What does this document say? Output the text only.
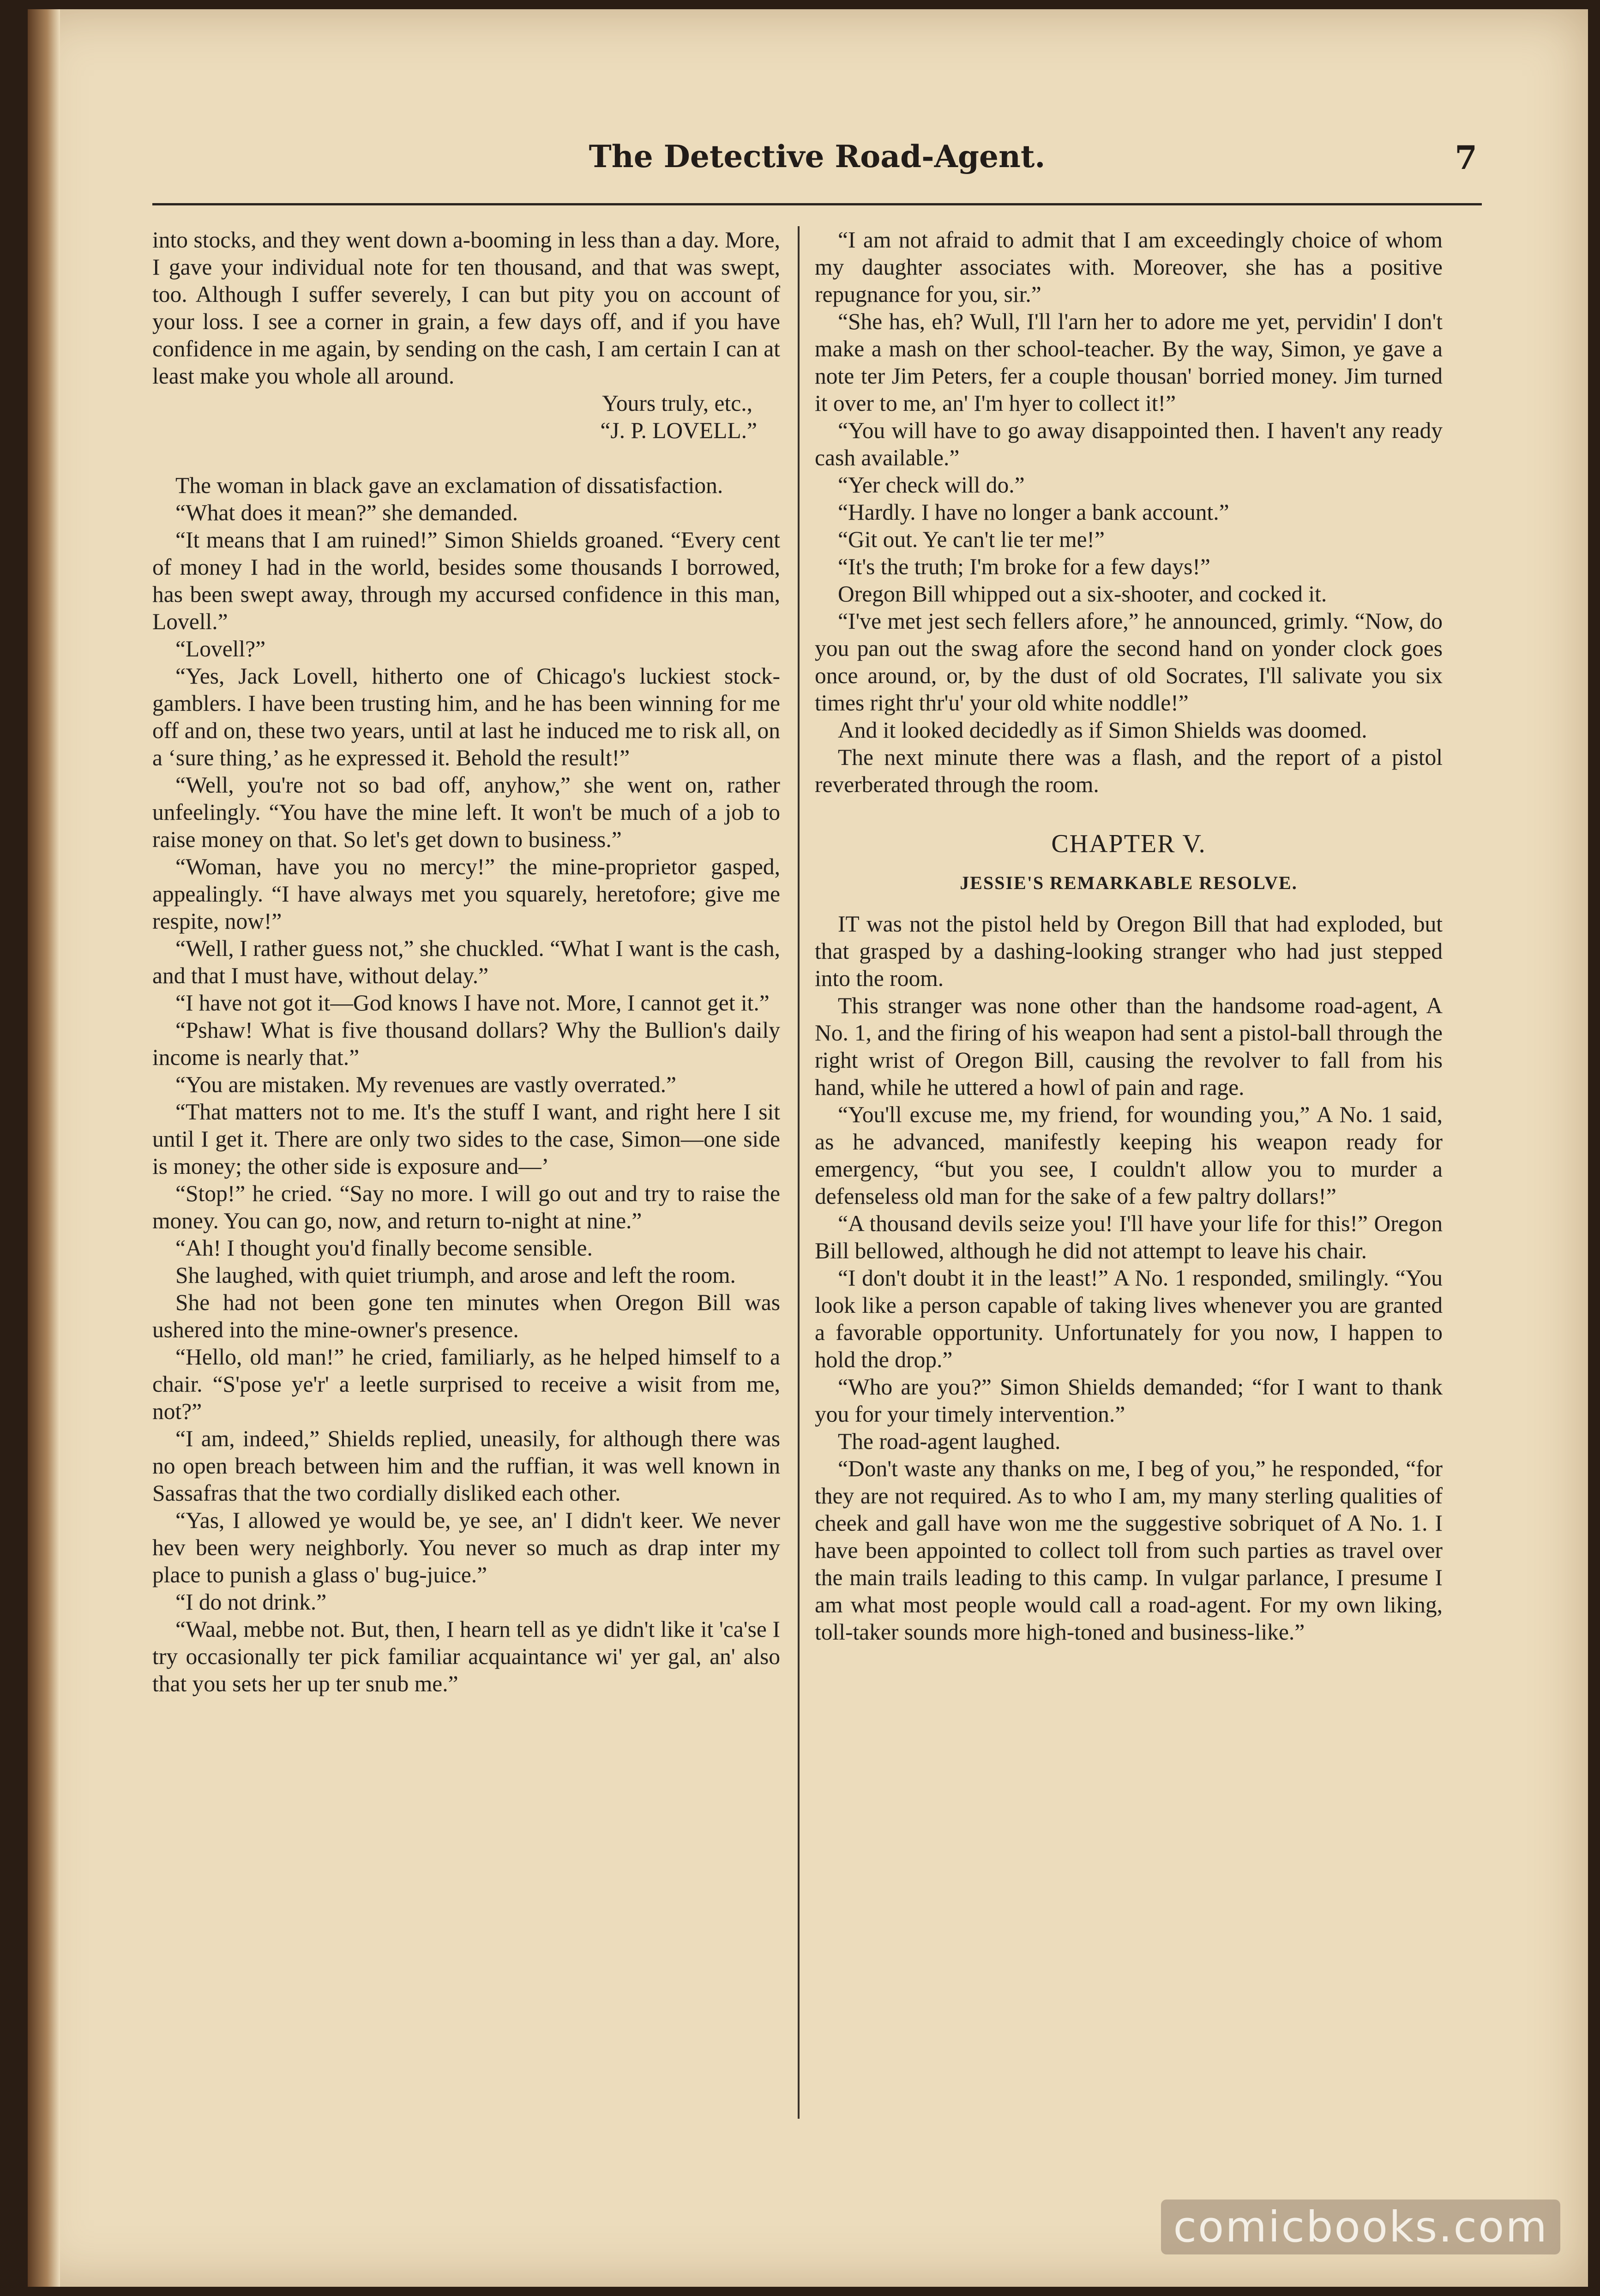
The Detective Road-Agent.	7

into stocks, and they went down a-booming in less than a day. More, I gave your individual note for ten thousand, and that was swept, too. Although I suffer severely, I can but pity you on account of your loss. I see a corner in grain, a few days off, and if you have confidence in me again, by sending on the cash, I am certain I can at least make you whole all around.

Yours truly, etc.,

“J. P. LOVELL.”

The woman in black gave an exclamation of dissatisfaction.

“What does it mean?” she demanded.

“It means that I am ruined!” Simon Shields groaned. “Every cent of money I had in the world, besides some thousands I borrowed, has been swept away, through my accursed confidence in this man, Lovell.”

“Lovell?”

“Yes, Jack Lovell, hitherto one of Chicago's luckiest stock-gamblers. I have been trusting him, and he has been winning for me off and on, these two years, until at last he induced me to risk all, on a ‘sure thing,’ as he expressed it. Behold the result!”

“Well, you're not so bad off, anyhow,” she went on, rather unfeelingly. “You have the mine left. It won't be much of a job to raise money on that. So let's get down to business.”

“Woman, have you no mercy!” the mine-proprietor gasped, appealingly. “I have always met you squarely, heretofore; give me respite, now!”

“Well, I rather guess not,” she chuckled. “What I want is the cash, and that I must have, without delay.”

“I have not got it—God knows I have not. More, I cannot get it.”

“Pshaw! What is five thousand dollars? Why the Bullion's daily income is nearly that.”

“You are mistaken. My revenues are vastly overrated.”

“That matters not to me. It's the stuff I want, and right here I sit until I get it. There are only two sides to the case, Simon—one side is money; the other side is exposure and—’

“Stop!” he cried. “Say no more. I will go out and try to raise the money. You can go, now, and return to-night at nine.”

“Ah! I thought you'd finally become sensible.

She laughed, with quiet triumph, and arose and left the room.

She had not been gone ten minutes when Oregon Bill was ushered into the mine-owner's presence.

“Hello, old man!” he cried, familiarly, as he helped himself to a chair. “S'pose ye'r' a leetle surprised to receive a wisit from me, not?”

“I am, indeed,” Shields replied, uneasily, for although there was no open breach between him and the ruffian, it was well known in Sassafras that the two cordially disliked each other.

“Yas, I allowed ye would be, ye see, an' I didn't keer. We never hev been wery neighborly. You never so much as drap inter my place to punish a glass o' bug-juice.”

“I do not drink.”

“Waal, mebbe not. But, then, I hearn tell as ye didn't like it 'ca'se I try occasionally ter pick familiar acquaintance wi' yer gal, an' also that you sets her up ter snub me.”

“I am not afraid to admit that I am exceedingly choice of whom my daughter associates with. Moreover, she has a positive repugnance for you, sir.”

“She has, eh? Wull, I'll l'arn her to adore me yet, pervidin' I don't make a mash on ther school-teacher. By the way, Simon, ye gave a note ter Jim Peters, fer a couple thousan' borried money. Jim turned it over to me, an' I'm hyer to collect it!”

“You will have to go away disappointed then. I haven't any ready cash available.”

“Yer check will do.”

“Hardly. I have no longer a bank account.”

“Git out. Ye can't lie ter me!”

“It's the truth; I'm broke for a few days!”

Oregon Bill whipped out a six-shooter, and cocked it.

“I've met jest sech fellers afore,” he announced, grimly. “Now, do you pan out the swag afore the second hand on yonder clock goes once around, or, by the dust of old Socrates, I'll salivate you six times right thr'u' your old white noddle!”

And it looked decidedly as if Simon Shields was doomed.

The next minute there was a flash, and the report of a pistol reverberated through the room.

CHAPTER V.
JESSIE'S REMARKABLE RESOLVE.

IT was not the pistol held by Oregon Bill that had exploded, but that grasped by a dashing-looking stranger who had just stepped into the room.

This stranger was none other than the handsome road-agent, A No. 1, and the firing of his weapon had sent a pistol-ball through the right wrist of Oregon Bill, causing the revolver to fall from his hand, while he uttered a howl of pain and rage.

“You'll excuse me, my friend, for wounding you,” A No. 1 said, as he advanced, manifestly keeping his weapon ready for emergency, “but you see, I couldn't allow you to murder a defenseless old man for the sake of a few paltry dollars!”

“A thousand devils seize you! I'll have your life for this!” Oregon Bill bellowed, although he did not attempt to leave his chair.

“I don't doubt it in the least!” A No. 1 responded, smilingly. “You look like a person capable of taking lives whenever you are granted a favorable opportunity. Unfortunately for you now, I happen to hold the drop.”

“Who are you?” Simon Shields demanded; “for I want to thank you for your timely intervention.”

The road-agent laughed.

“Don't waste any thanks on me, I beg of you,” he responded, “for they are not required. As to who I am, my many sterling qualities of cheek and gall have won me the suggestive sobriquet of A No. 1. I have been appointed to collect toll from such parties as travel over the main trails leading to this camp. In vulgar parlance, I presume I am what most people would call a road-agent. For my own liking, toll-taker sounds more high-toned and business-like.”

comicbooks.com
